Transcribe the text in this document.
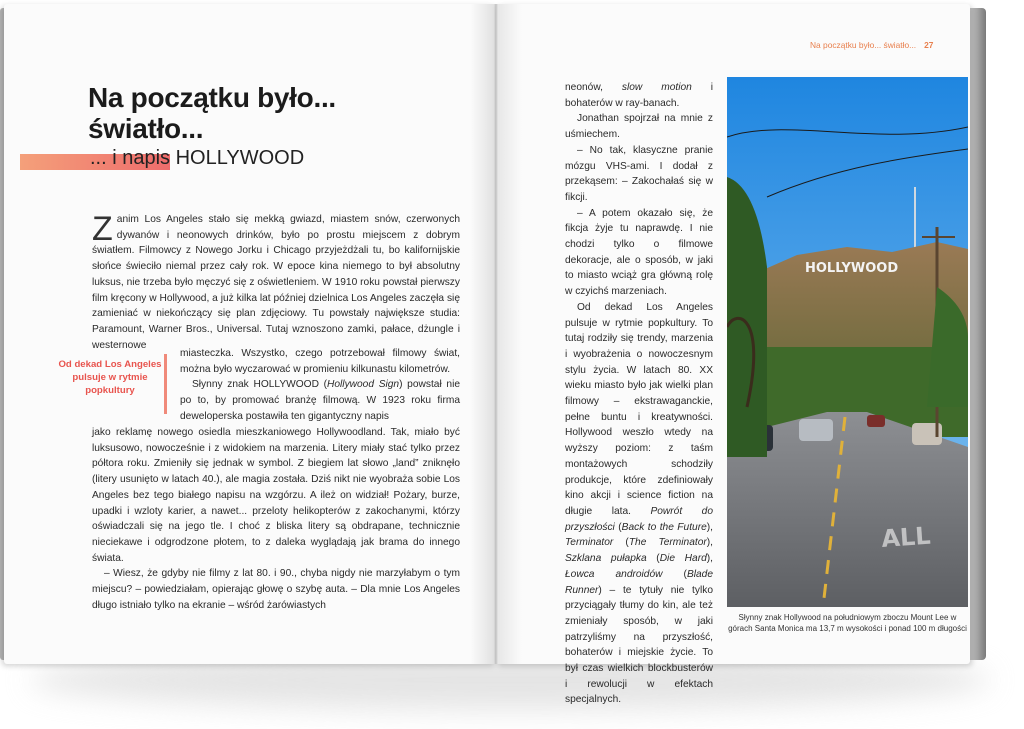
Na początku było...
światło...
... i napis HOLLYWOOD
Zanim Los Angeles stało się mekką gwiazd, miastem snów, czerwonych dywanów i neonowych drinków, było po prostu miejscem z dobrym światłem. Filmowcy z Nowego Jorku i Chicago przyjeżdżali tu, bo kalifornijskie słońce świeciło niemal przez cały rok. W epoce kina niemego to był absolutny luksus, nie trzeba było męczyć się z oświetleniem. W 1910 roku powstał pierwszy film kręcony w Hollywood, a już kilka lat później dzielnica Los Angeles zaczęła się zamieniać w niekończący się plan zdjęciowy. Tu powstały największe studia: Paramount, Warner Bros., Universal. Tutaj wznoszono zamki, pałace, dżungle i westernowe
Od dekad Los Angeles pulsuje w rytmie popkultury

miasteczka. Wszystko, czego potrzebował filmowy świat, można było wyczarować w promieniu kilkunastu kilometrów.

Słynny znak HOLLYWOOD (Hollywood Sign) powstał nie po to, by promować branżę filmową. W 1923 roku firma deweloperska postawiła ten gigantyczny napis

jako reklamę nowego osiedla mieszkaniowego Hollywoodland. Tak, miało być luksusowo, nowocześnie i z widokiem na marzenia. Litery miały stać tylko przez półtora roku. Zmieniły się jednak w symbol. Z biegiem lat słowo „land” zniknęło (litery usunięto w latach 40.), ale magia została. Dziś nikt nie wyobraża sobie Los Angeles bez tego białego napisu na wzgórzu. A ileż on widział! Pożary, burze, upadki i wzloty karier, a nawet... przeloty helikopterów z zakochanymi, którzy oświadczali się na jego tle. I choć z bliska litery są obdrapane, technicznie nieciekawe i odgrodzone płotem, to z daleka wyglądają jak brama do innego świata.

– Wiesz, że gdyby nie filmy z lat 80. i 90., chyba nigdy nie marzyłabym o tym miejscu? – powiedziałam, opierając głowę o szybę auta. – Dla mnie Los Angeles długo istniało tylko na ekranie – wśród żarówiastych

Na początku było... światło... 27

neonów, slow motion i bohaterów w ray-banach.

Jonathan spojrzał na mnie z uśmiechem.

– No tak, klasyczne pranie mózgu VHS-ami. I dodał z przekąsem: – Zakochałaś się w fikcji.

– A potem okazało się, że fikcja żyje tu naprawdę. I nie chodzi tylko o filmowe dekoracje, ale o sposób, w jaki to miasto wciąż gra główną rolę w czyichś marzeniach.

Od dekad Los Angeles pulsuje w rytmie popkultury. To tutaj rodziły się trendy, marzenia i wyobrażenia o nowoczesnym stylu życia. W latach 80. XX wieku miasto było jak wielki plan filmowy – ekstrawaganckie, pełne buntu i kreatywności. Hollywood weszło wtedy na wyższy poziom: z taśm montażowych schodziły produkcje, które zdefiniowały kino akcji i science fiction na długie lata. Powrót do przyszłości (Back to the Future), Terminator (The Terminator), Szklana pułapka (Die Hard), Łowca androidów (Blade Runner) – te tytuły nie tylko przyciągały tłumy do kin, ale też zmieniały sposób, w jaki patrzyliśmy na przyszłość, bohaterów i miejskie życie. To był czas wielkich blockbusterów i rewolucji w efektach specjalnych.

HOLLYWOOD
ALL
Słynny znak Hollywood na południowym zboczu Mount Lee w górach Santa Monica ma 13,7 m wysokości i ponad 100 m długości
